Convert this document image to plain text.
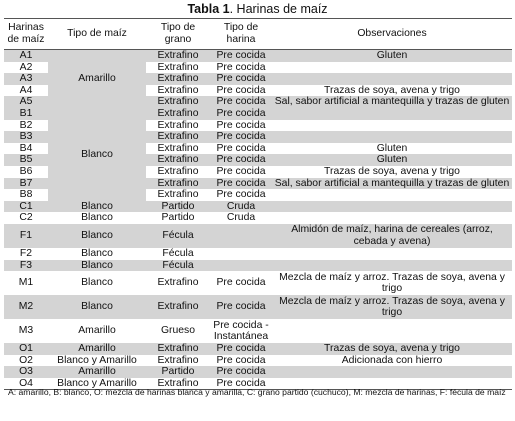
Tabla 1. Harinas de maíz
Harinas de maíz	Tipo de maíz	Tipo de grano	Tipo de harina	Observaciones
A1	Amarillo	Extrafino	Pre cocida	Gluten
A2		Extrafino	Pre cocida	
A3		Extrafino	Pre cocida	
A4		Extrafino	Pre cocida	Trazas de soya, avena y trigo
A5		Extrafino	Pre cocida	Sal, sabor artificial a mantequilla y trazas de gluten
B1	Blanco	Extrafino	Pre cocida	
B2		Extrafino	Pre cocida	
B3		Extrafino	Pre cocida	
B4		Extrafino	Pre cocida	Gluten
B5		Extrafino	Pre cocida	Gluten
B6		Extrafino	Pre cocida	Trazas de soya, avena y trigo
B7		Extrafino	Pre cocida	Sal, sabor artificial a mantequilla y trazas de gluten
B8		Extrafino	Pre cocida	
C1	Blanco	Partido	Cruda	
C2	Blanco	Partido	Cruda	
F1	Blanco	Fécula		Almidón de maíz, harina de cereales (arroz, cebada y avena)
F2	Blanco	Fécula		
F3	Blanco	Fécula		
M1	Blanco	Extrafino	Pre cocida	Mezcla de maíz y arroz. Trazas de soya, avena y trigo
M2	Blanco	Extrafino	Pre cocida	Mezcla de maíz y arroz. Trazas de soya, avena y trigo
M3	Amarillo	Grueso	Pre cocida - Instantánea	
O1	Amarillo	Extrafino	Pre cocida	Trazas de soya, avena y trigo
O2	Blanco y Amarillo	Extrafino	Pre cocida	Adicionada con hierro
O3	Amarillo	Partido	Pre cocida	
O4	Blanco y Amarillo	Extrafino	Pre cocida	
A: amarillo, B: blanco, O: mezcla de harinas blanca y amarilla, C: grano partido (cuchuco), M: mezcla de harinas, F: fécula de maíz
